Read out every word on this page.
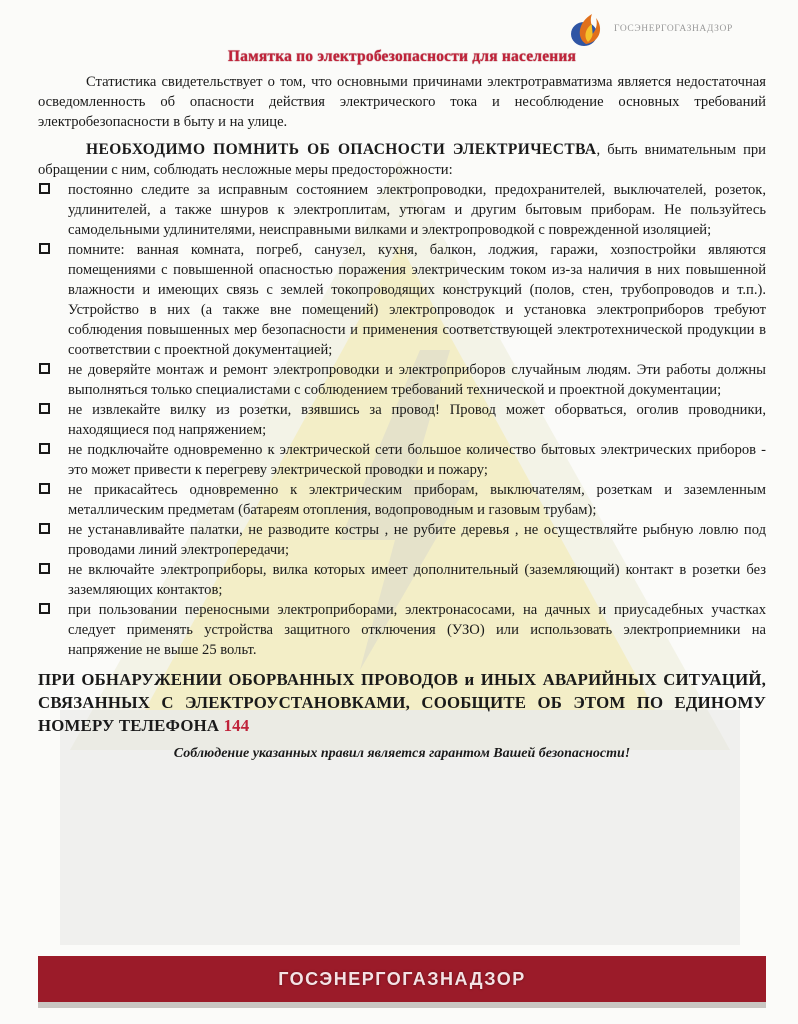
ГОСЭНЕРГОГАЗНАДЗОР
Памятка по электробезопасности для населения

Статистика свидетельствует о том, что основными причинами электротравматизма является недостаточная осведомленность об опасности действия электрического тока и несоблюдение основных требований электробезопасности в быту и на улице.

НЕОБХОДИМО ПОМНИТЬ ОБ ОПАСНОСТИ ЭЛЕКТРИЧЕСТВА, быть внимательным при обращении с ним, соблюдать несложные меры предосторожности:

постоянно следите за исправным состоянием электропроводки, предохранителей, выключателей, розеток, удлинителей, а также шнуров к электроплитам, утюгам и другим бытовым приборам. Не пользуйтесь самодельными удлинителями, неисправными вилками и электропроводкой с поврежденной изоляцией;

помните: ванная комната, погреб, санузел, кухня, балкон, лоджия, гаражи, хозпостройки являются помещениями с повышенной опасностью поражения электрическим током из-за наличия в них повышенной влажности и имеющих связь с землей токопроводящих конструкций (полов, стен, трубопроводов и т.п.). Устройство в них (а также вне помещений) электропроводок и установка электроприборов требуют соблюдения повышенных мер безопасности и применения соответствующей электротехнической продукции в соответствии с проектной документацией;

не доверяйте монтаж и ремонт электропроводки и электроприборов случайным людям. Эти работы должны выполняться только специалистами с соблюдением требований технической и проектной документации;

не извлекайте вилку из розетки, взявшись за провод! Провод может оборваться, оголив проводники, находящиеся под напряжением;

не подключайте одновременно к электрической сети большое количество бытовых электрических приборов - это может привести к перегреву электрической проводки и пожару;

не прикасайтесь одновременно к электрическим приборам, выключателям, розеткам и заземленным металлическим предметам (батареям отопления, водопроводным и газовым трубам);

не устанавливайте палатки, не разводите костры , не рубите деревья , не осуществляйте рыбную ловлю под проводами линий электропередачи;

не включайте электроприборы, вилка которых имеет дополнительный (заземляющий) контакт в розетки без заземляющих контактов;

при пользовании переносными электроприборами, электронасосами, на дачных и приусадебных участках следует применять устройства защитного отключения (УЗО) или использовать электроприемники на напряжение не выше 25 вольт.

ПРИ ОБНАРУЖЕНИИ ОБОРВАННЫХ ПРОВОДОВ и ИНЫХ АВАРИЙНЫХ СИТУАЦИЙ, СВЯЗАННЫХ С ЭЛЕКТРОУСТАНОВКАМИ, СООБЩИТЕ ОБ ЭТОМ ПО ЕДИНОМУ НОМЕРУ ТЕЛЕФОНА 144

Соблюдение указанных правил является гарантом Вашей безопасности!
ГОСЭНЕРГОГАЗНАДЗОР
